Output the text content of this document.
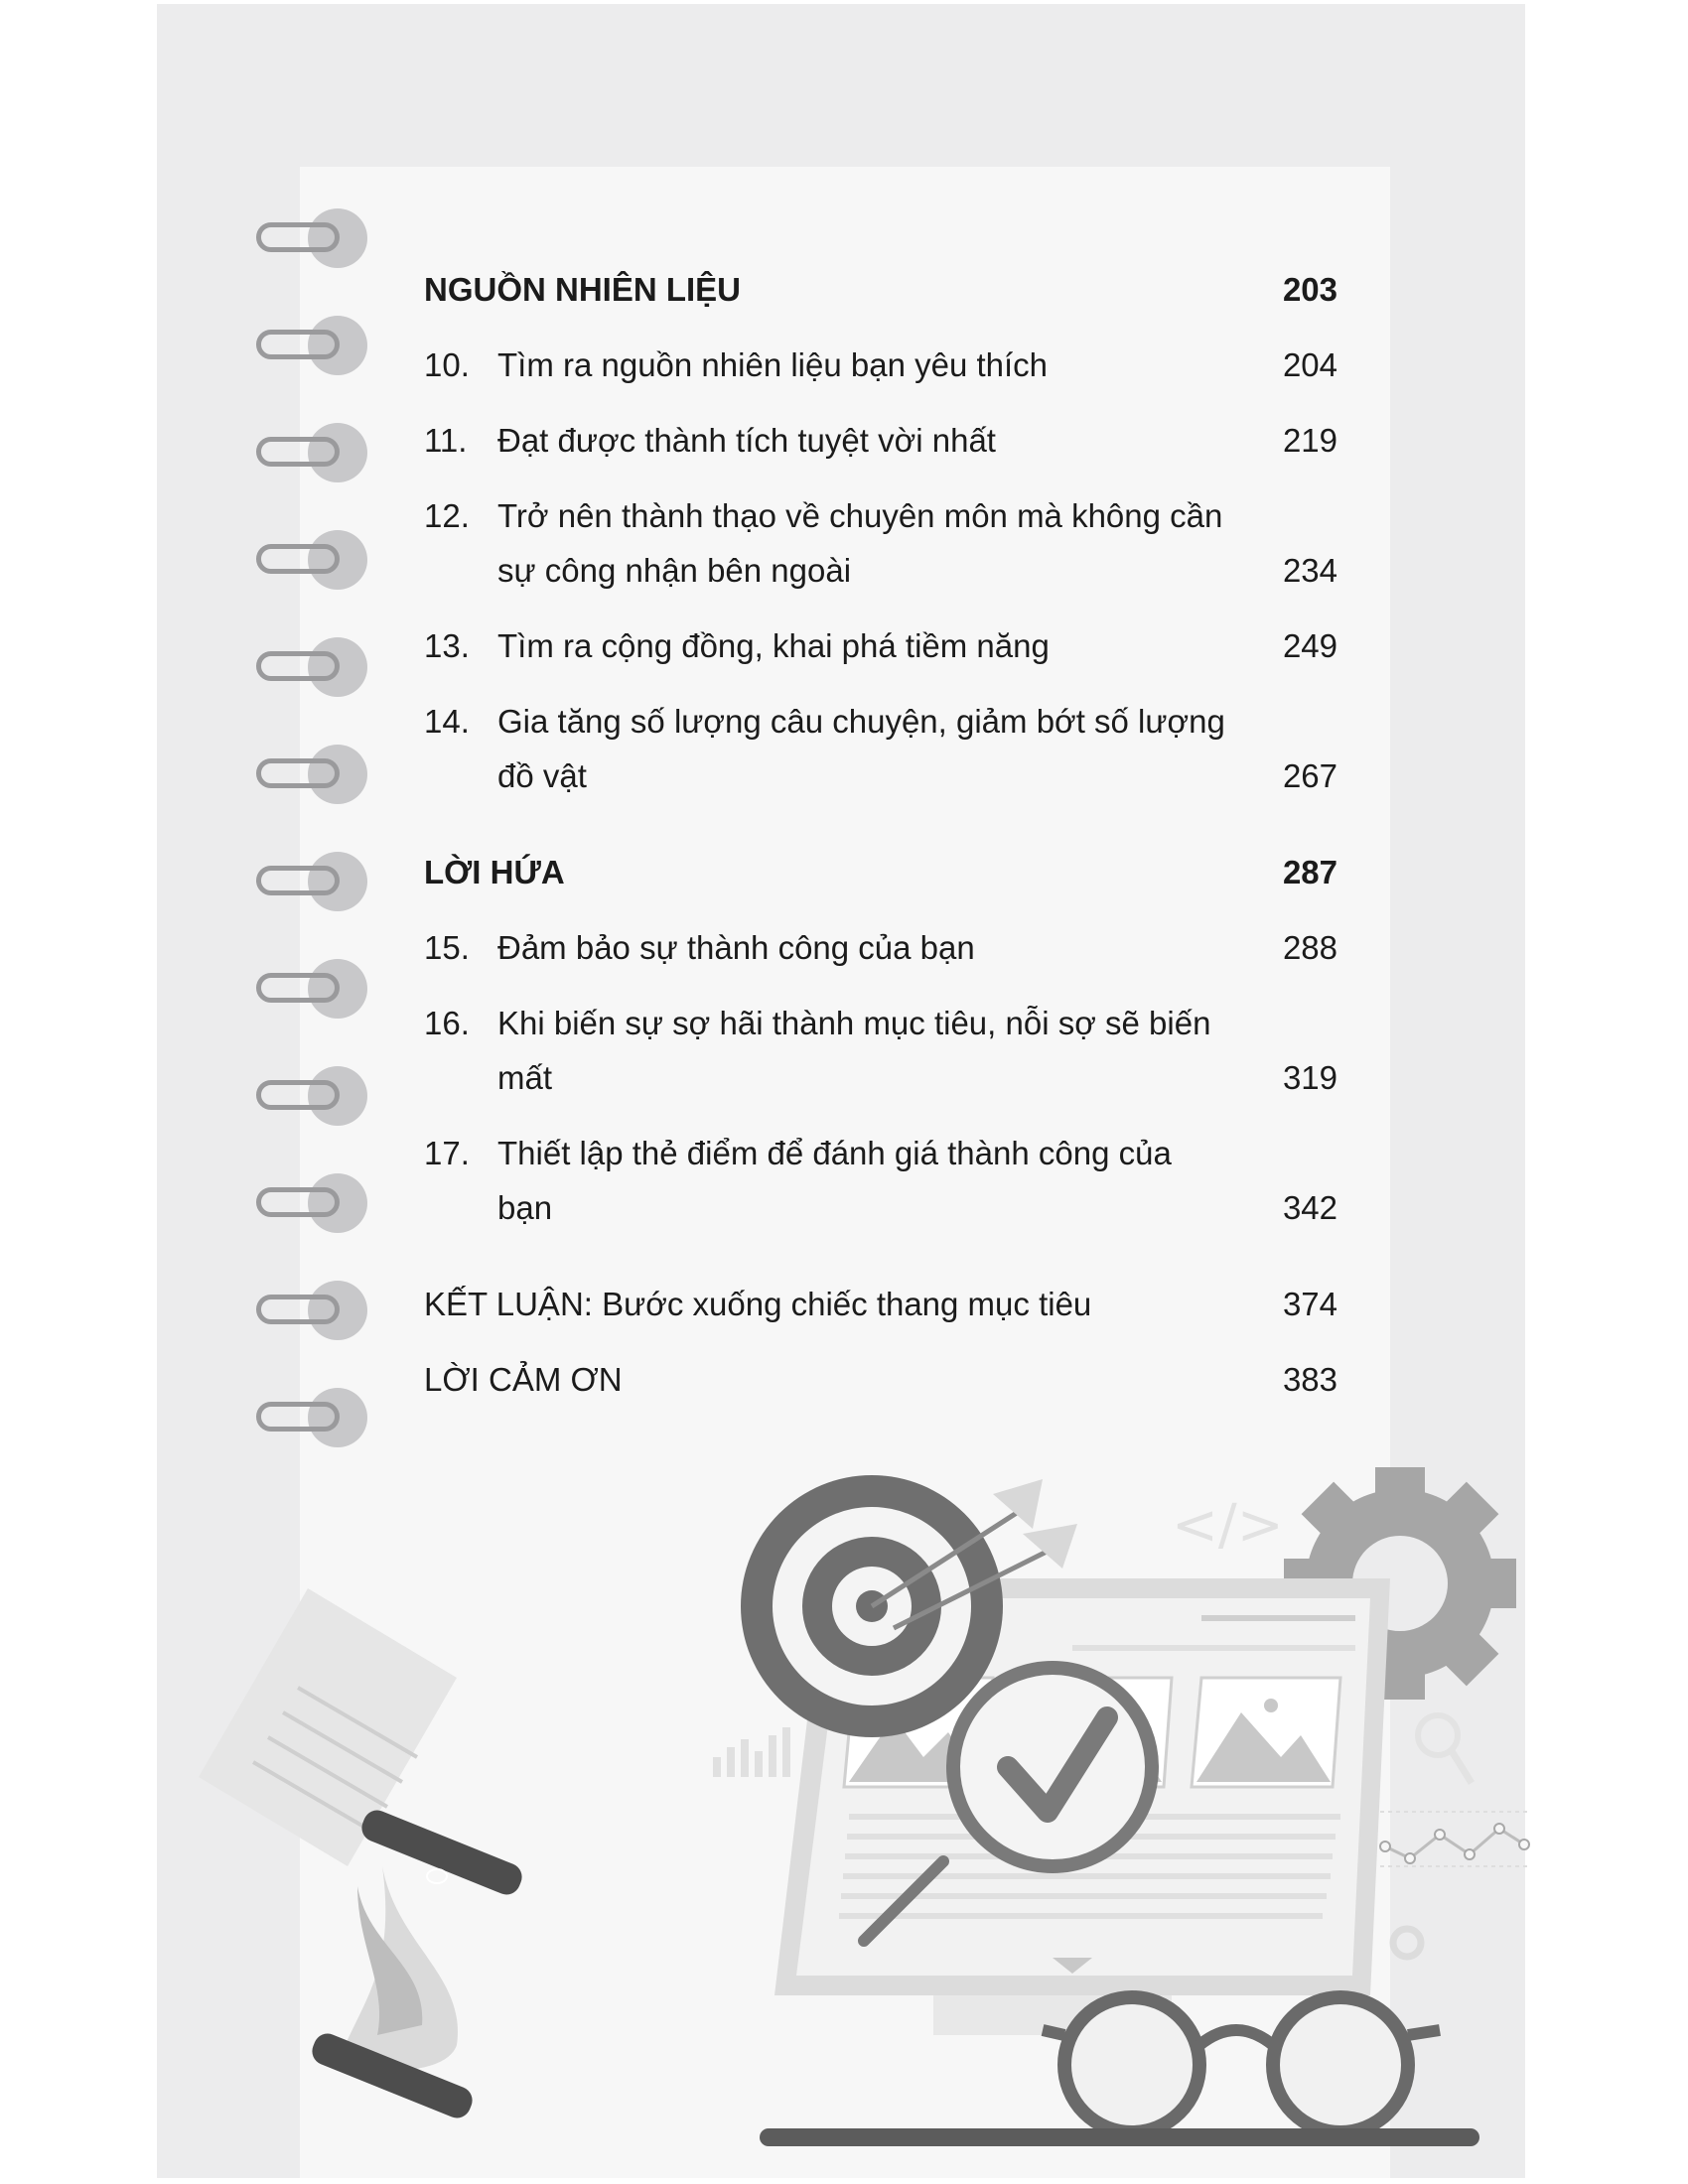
NGUỒN NHIÊN LIỆU	203
10. Tìm ra nguồn nhiên liệu bạn yêu thích	204
11. Đạt được thành tích tuyệt vời nhất	219
12. Trở nên thành thạo về chuyên môn mà không cần sự công nhận bên ngoài	234
13. Tìm ra cộng đồng, khai phá tiềm năng	249
14. Gia tăng số lượng câu chuyện, giảm bớt số lượng đồ vật	267
LỜI HỨA	287
15. Đảm bảo sự thành công của bạn	288
16. Khi biến sự sợ hãi thành mục tiêu, nỗi sợ sẽ biến mất	319
17. Thiết lập thẻ điểm để đánh giá thành công của bạn	342
KẾT LUẬN: Bước xuống chiếc thang mục tiêu	374
LỜI CẢM ƠN	383
</>
